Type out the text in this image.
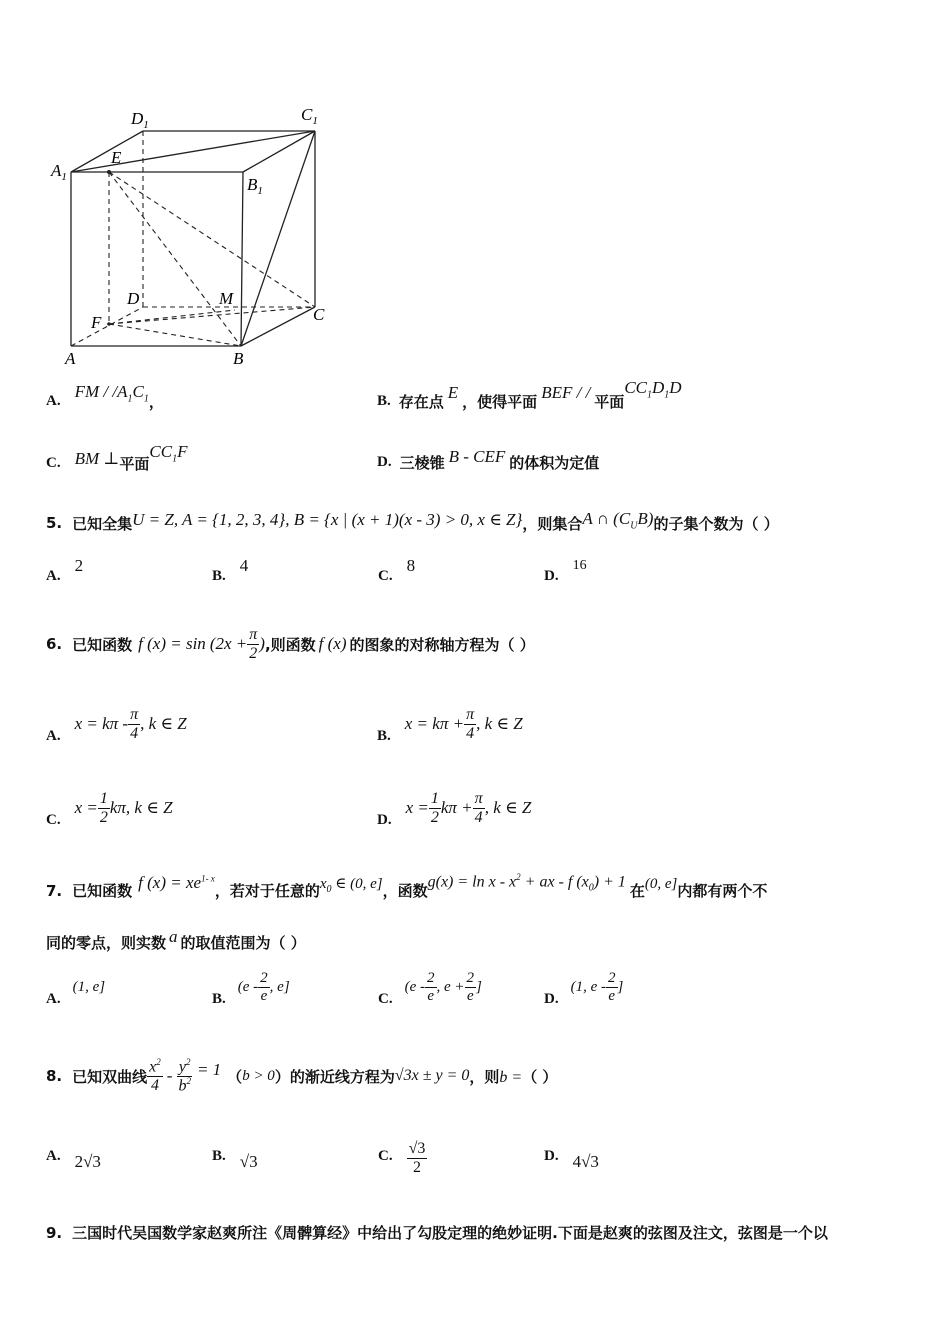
$D_1$
$C_1$
$A_1$	$B_1$
E
D	M
F	C
A	B
A. FM / $/A_1C_1$ ，	B. 存在点 E ，使得平面 BEF / / 平面
$CC_1D_1D$
C. BM ⊥ 平面
$CC_1F$
D. 三棱锥 B - CEF 的体积为定值
5. 已知全集 U = Z, A = {1, 2, 3, 4} , B = {x | (x + 1)(x - 3) > 0, x ∈ Z} ，则集合 A ∩ $(C_UB)$ 的子集个数为（ ）
A.
2
B.
4
C.
8
D.
16
6. 已知函数 f $(x) = \sin (2x + \frac{\pi}{2}$ ) ,则函数 f (x) 的图象的对称轴方程为（ ）
A.
$x = k\pi - \frac{\pi}{4}$ , k ∈ Z
B.
$x = k\pi + \frac{\pi}{4}$ , k ∈ Z
C.
$x = \frac{1}{2} k\pi$, k ∈ Z
D.
$x = \frac{1}{2}$ $k\pi + \frac{\pi}{4}$ , k ∈ Z
7. 已知函数 f $(x) = xe^{1- x}$
，若对于任意的 $x_0$ ∈ (0, e] ，函数
$g(x) = \ln x - x^2$ + ax - f $(x_0) + 1$
在 (0, e] 内都有两个不
同的零点，则实数 a 的取值范围为（ ）
A.
(1, e]
B.
($e - \frac{2}{e}$ , e]
C.
($e - \frac{2}{e}$ , $e + \frac{2}{e}$ ]
D.
(1, e - $\frac{2}{e}$ ]
8. 已知双曲线 $\frac{x^2}{4} - \frac{y^2}{b^2} = 1$ （ b > 0 ）的渐近线方程为 √3x ± y = 0 ，则 b = （ ）
A. 2√3	B. √3	C. $\frac{√3}{2}$	D. 4√3
9. 三国时代吴国数学家赵爽所注《周髀算经》中给出了勾股定理的绝妙证明.下面是赵爽的弦图及注文，弦图是一个以
